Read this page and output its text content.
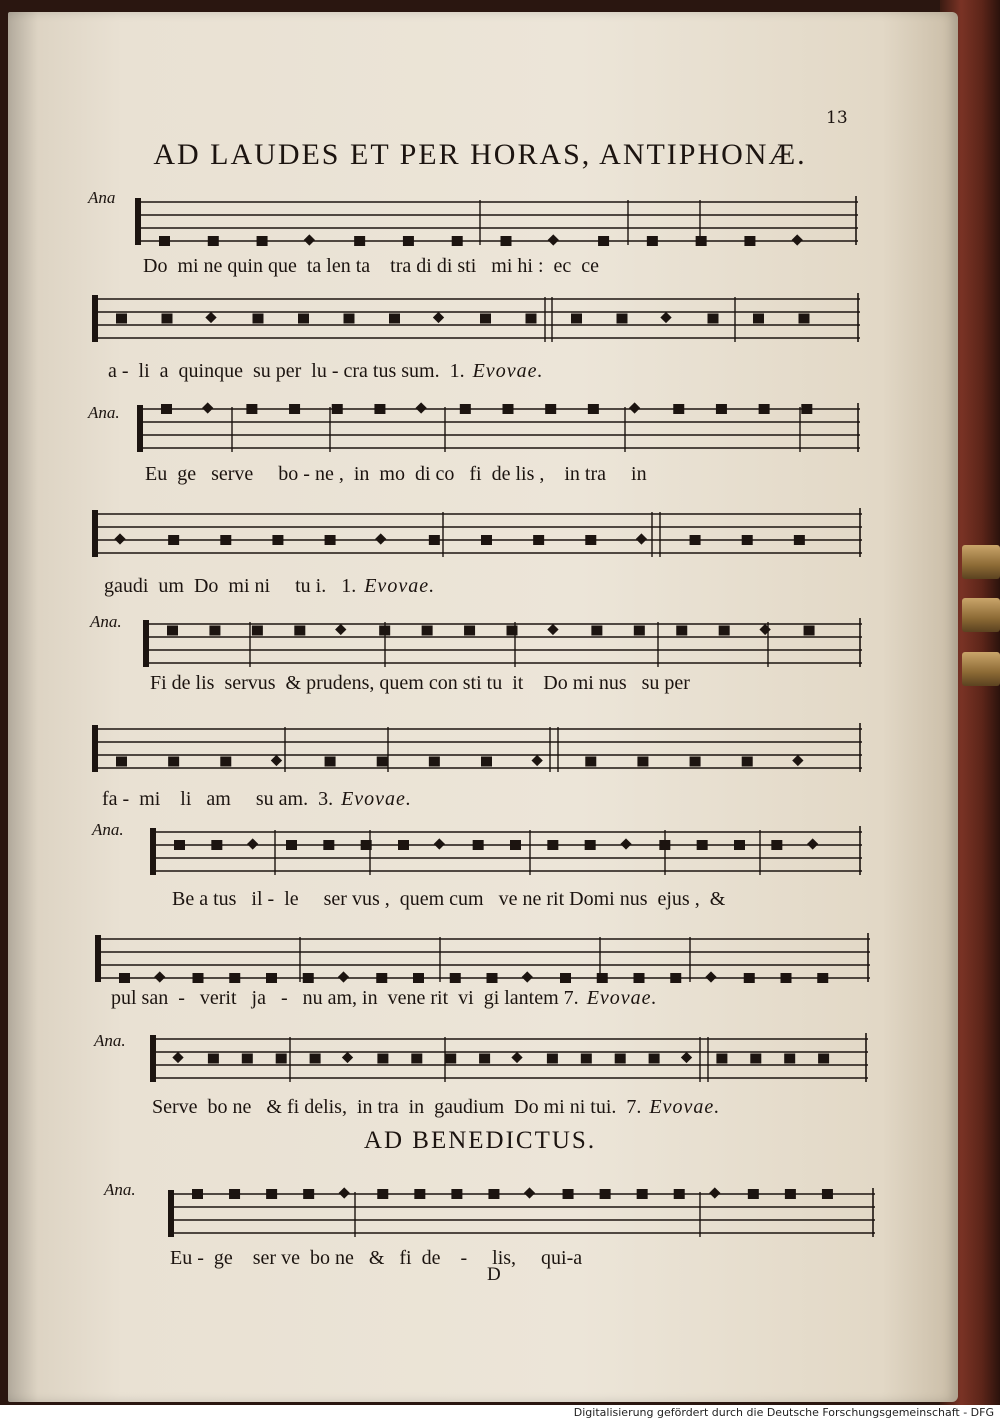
13
AD LAUDES ET PER HORAS, ANTIPHONÆ.
AD BENEDICTUS.
Ana
Do  mi ne quin que  ta len ta    tra di di sti   mi hi :  ec  ce
a -  li  a  quinque  su per  lu - cra tus sum.  1. Evovae.
Ana.
Eu  ge   serve     bo - ne ,  in  mo  di co   fi  de lis ,    in tra     in
gaudi  um  Do  mi ni     tu i.   1. Evovae.
Ana.
Fi de lis  servus  & prudens, quem con sti tu  it    Do mi nus   su per
fa -  mi    li   am     su am.  3. Evovae.
Ana.
Be a tus   il -  le     ser vus ,  quem cum   ve ne rit Domi nus  ejus ,  &
pul san  -   verit   ja   -   nu am, in  vene rit  vi  gi lantem 7. Evovae.
Ana.
Serve  bo ne   & fi delis,  in tra  in  gaudium  Do mi ni tui.  7. Evovae.
Ana.
Eu -  ge    ser ve  bo ne   &   fi  de    -     lis,     qui-a
D
Digitalisierung gefördert durch die Deutsche Forschungsgemeinschaft - DFG
